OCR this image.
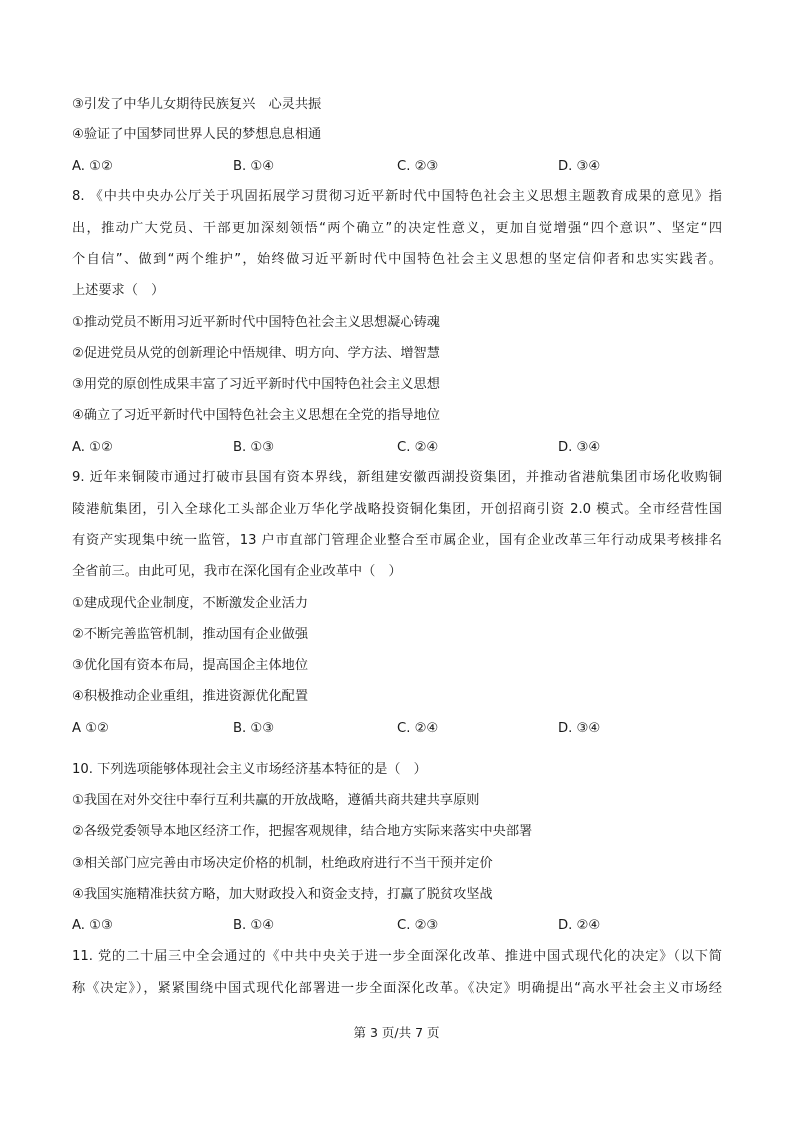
③引发了中华儿女期待民族复兴　心灵共振
④验证了中国梦同世界人民的梦想息息相通
A. ①②	B. ①④	C. ②③	D. ③④
8. 《中共中央办公厅关于巩固拓展学习贯彻习近平新时代中国特色社会主义思想主题教育成果的意见》指
出，推动广大党员、干部更加深刻领悟“两个确立”的决定性意义，更加自觉增强“四个意识”、坚定“四
个自信”、做到“两个维护”，始终做习近平新时代中国特色社会主义思想的坚定信仰者和忠实实践者。
上述要求（　）
①推动党员不断用习近平新时代中国特色社会主义思想凝心铸魂
②促进党员从党的创新理论中悟规律、明方向、学方法、增智慧
③用党的原创性成果丰富了习近平新时代中国特色社会主义思想
④确立了习近平新时代中国特色社会主义思想在全党的指导地位
A. ①②	B. ①③	C. ②④	D. ③④
9. 近年来铜陵市通过打破市县国有资本界线，新组建安徽西湖投资集团，并推动省港航集团市场化收购铜
陵港航集团，引入全球化工头部企业万华化学战略投资铜化集团，开创招商引资 2.0 模式。全市经营性国
有资产实现集中统一监管，13 户市直部门管理企业整合至市属企业，国有企业改革三年行动成果考核排名
全省前三。由此可见，我市在深化国有企业改革中（　）
①建成现代企业制度，不断激发企业活力
②不断完善监管机制，推动国有企业做强
③优化国有资本布局，提高国企主体地位
④积极推动企业重组，推进资源优化配置
A ①②	B. ①③	C. ②④	D. ③④
10. 下列选项能够体现社会主义市场经济基本特征的是（　）
①我国在对外交往中奉行互利共赢的开放战略，遵循共商共建共享原则
②各级党委领导本地区经济工作，把握客观规律，结合地方实际来落实中央部署
③相关部门应完善由市场决定价格的机制，杜绝政府进行不当干预并定价
④我国实施精准扶贫方略，加大财政投入和资金支持，打赢了脱贫攻坚战
A. ①③	B. ①④	C. ②③	D. ②④
11. 党的二十届三中全会通过的《中共中央关于进一步全面深化改革、推进中国式现代化的决定》（以下简
称《决定》），紧紧围绕中国式现代化部署进一步全面深化改革。《决定》明确提出“高水平社会主义市场经
第 3 页/共 7 页
